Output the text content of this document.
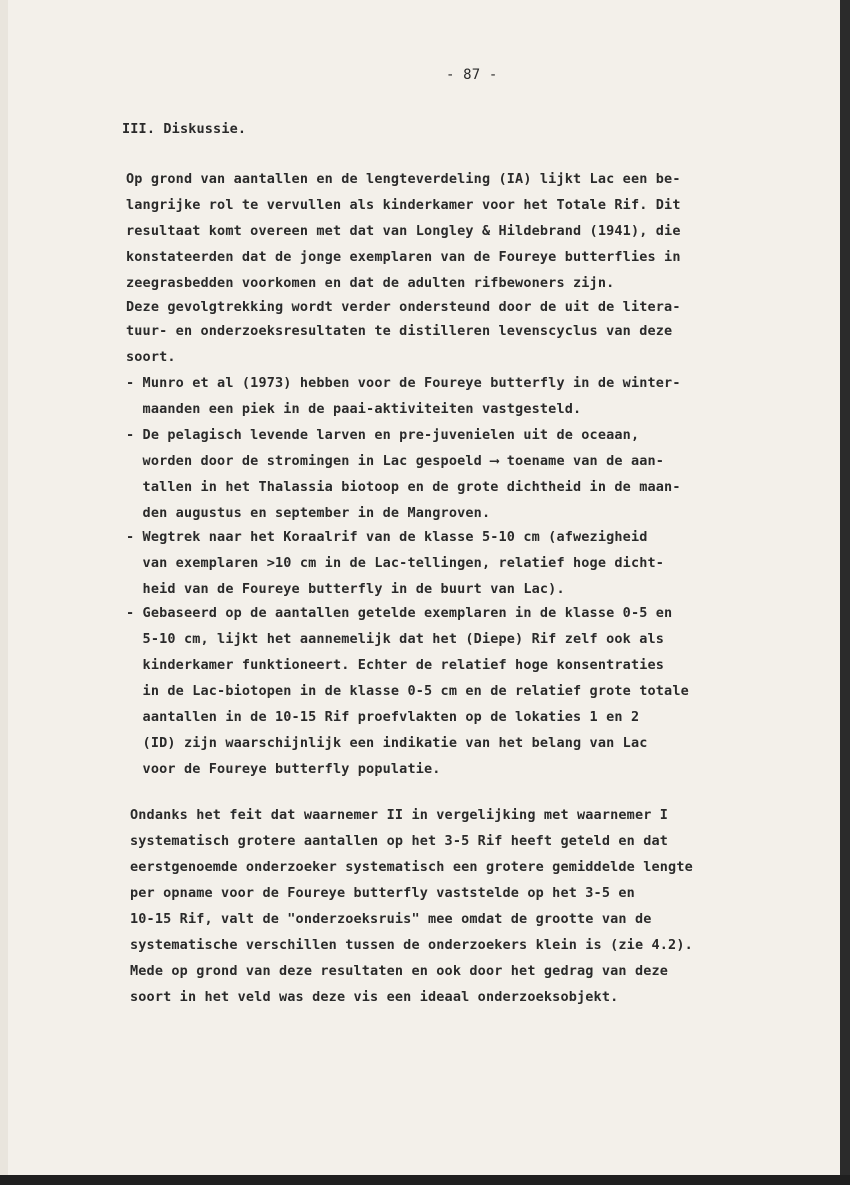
- 87 -
III. Diskussie.
Op grond van aantallen en de lengteverdeling (IA) lijkt Lac een be-
langrijke rol te vervullen als kinderkamer voor het Totale Rif. Dit
resultaat komt overeen met dat van Longley & Hildebrand (1941), die
konstateerden dat de jonge exemplaren van de Foureye butterflies in
zeegrasbedden voorkomen en dat de adulten rifbewoners zijn.
Deze gevolgtrekking wordt verder ondersteund door de uit de litera-
tuur- en onderzoeksresultaten te distilleren levenscyclus van deze
soort.
- Munro et al (1973) hebben voor de Foureye butterfly in de winter-
maanden een piek in de paai-aktiviteiten vastgesteld.
- De pelagisch levende larven en pre-juvenielen uit de oceaan,
worden door de stromingen in Lac gespoeld ⟶ toename van de aan-
tallen in het Thalassia biotoop en de grote dichtheid in de maan-
den augustus en september in de Mangroven.
- Wegtrek naar het Koraalrif van de klasse 5-10 cm (afwezigheid
van exemplaren >10 cm in de Lac-tellingen, relatief hoge dicht-
heid van de Foureye butterfly in de buurt van Lac).
- Gebaseerd op de aantallen getelde exemplaren in de klasse 0-5 en
5-10 cm, lijkt het aannemelijk dat het (Diepe) Rif zelf ook als
kinderkamer funktioneert. Echter de relatief hoge konsentraties
in de Lac-biotopen in de klasse 0-5 cm en de relatief grote totale
aantallen in de 10-15 Rif proefvlakten op de lokaties 1 en 2
(ID) zijn waarschijnlijk een indikatie van het belang van Lac
voor de Foureye butterfly populatie.
Ondanks het feit dat waarnemer II in vergelijking met waarnemer I
systematisch grotere aantallen op het 3-5 Rif heeft geteld en dat
eerstgenoemde onderzoeker systematisch een grotere gemiddelde lengte
per opname voor de Foureye butterfly vaststelde op het 3-5 en
10-15 Rif, valt de "onderzoeksruis" mee omdat de grootte van de
systematische verschillen tussen de onderzoekers klein is (zie 4.2).
Mede op grond van deze resultaten en ook door het gedrag van deze
soort in het veld was deze vis een ideaal onderzoeksobjekt.
